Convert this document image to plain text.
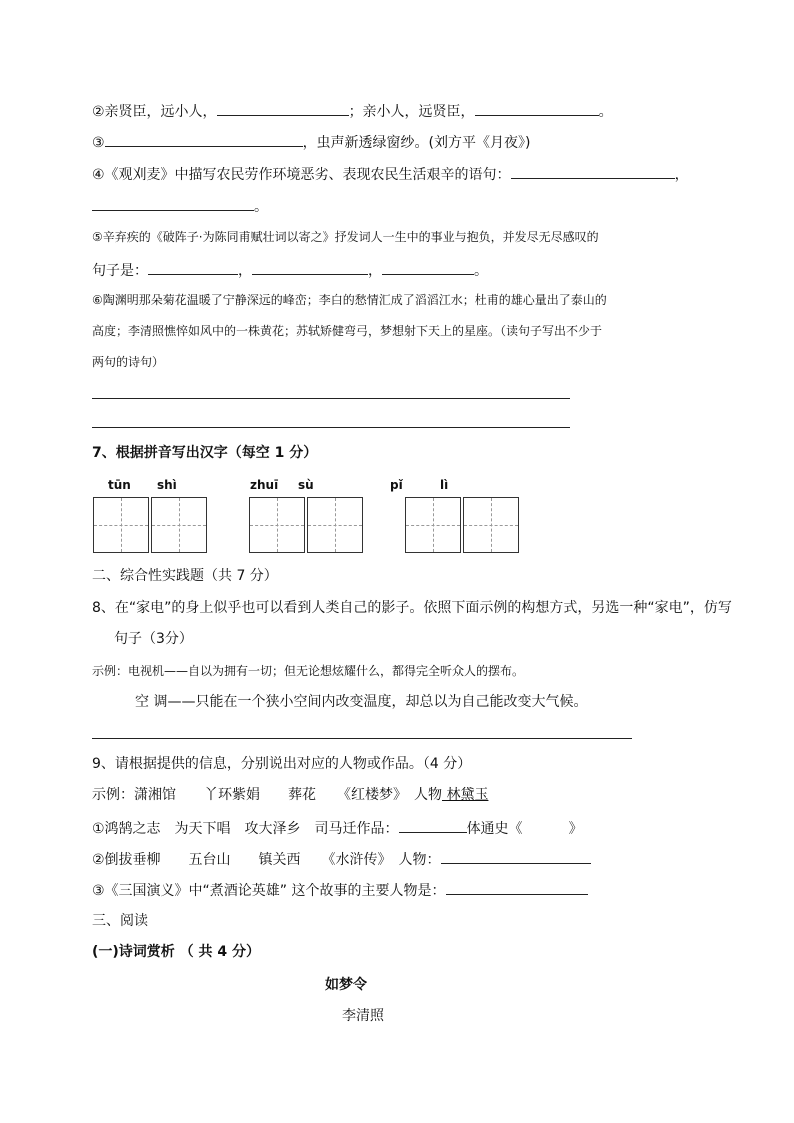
②亲贤臣，远小人，	；亲小人，远贤臣，	。
③	，虫声新透绿窗纱。(刘方平《月夜》)
④《观刈麦》中描写农民劳作环境恶劣、表现农民生活艰辛的语句：	，
。
⑤辛弃疾的《破阵子·为陈同甫赋壮词以寄之》抒发词人一生中的事业与抱负，并发尽无尽感叹的
句子是：	，	，	。
⑥陶渊明那朵菊花温暖了宁静深远的峰峦；李白的愁情汇成了滔滔江水；杜甫的雄心量出了泰山的
高度；李清照憔悴如风中的一株黄花；苏轼矫健弯弓，梦想射下天上的星座。（读句子写出不少于
两句的诗句）
7、根据拼音写出汉字（每空 1 分）
tūn shì	zhuī sù	pǐ	lì
二、综合性实践题（共 7 分）
8、在“家电”的身上似乎也可以看到人类自己的影子。依照下面示例的构想方式，另选一种“家电”，仿写
句子（3分）
示例：电视机——自以为拥有一切；但无论想炫耀什么，都得完全听众人的摆布。
空 调——只能在一个狭小空间内改变温度，却总以为自己能改变大气候。
9、请根据提供的信息，分别说出对应的人物或作品。（4 分）
示例：潇湘馆　　丫环紫娟　　葬花　　《红楼梦》　人物 林黛玉
①鸿鹄之志　为天下唱　攻大泽乡　司马迁作品：	体通史《	》
②倒拔垂柳　　五台山　　镇关西　　《水浒传》　人物：
③《三国演义》中“煮酒论英雄” 这个故事的主要人物是：
三、阅读
(一)诗词赏析 （ 共 4 分）
如梦令
李清照
